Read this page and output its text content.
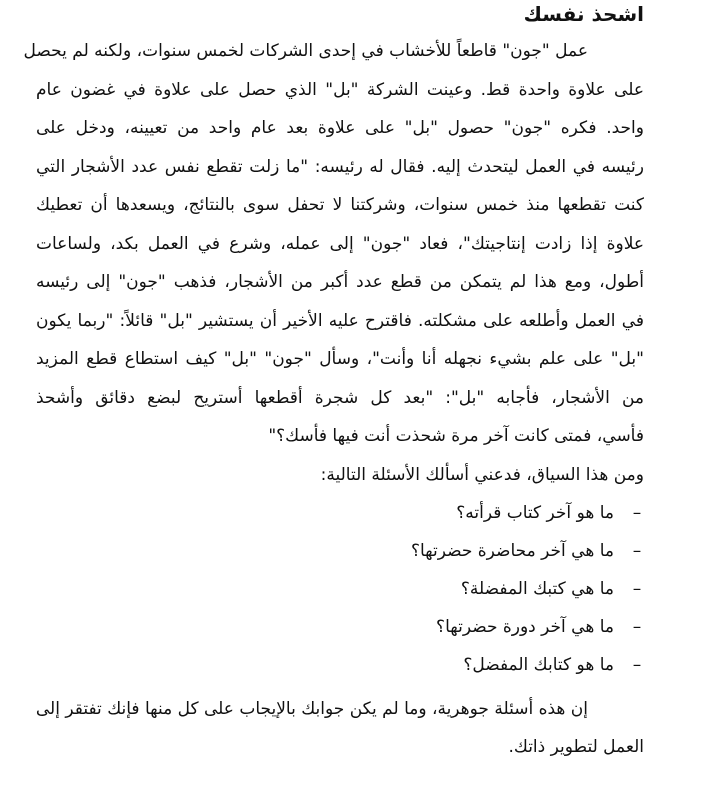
اشحذ نفسك
عمل "جون" قاطعاً للأخشاب في إحدى الشركات لخمس سنوات، ولكنه لم يحصل
على علاوة واحدة قط. وعينت الشركة "بل" الذي حصل على علاوة في غضون عام
واحد. فكره "جون" حصول "بل" على علاوة بعد عام واحد من تعيينه، ودخل على
رئيسه في العمل ليتحدث إليه. فقال له رئيسه: "ما زلت تقطع نفس عدد الأشجار التي
كنت تقطعها منذ خمس سنوات، وشركتنا لا تحفل سوى بالنتائج، ويسعدها أن تعطيك
علاوة إذا زادت إنتاجيتك"، فعاد "جون" إلى عمله، وشرع في العمل بكد، ولساعات
أطول، ومع هذا لم يتمكن من قطع عدد أكبر من الأشجار، فذهب "جون" إلى رئيسه
في العمل وأطلعه على مشكلته. فاقترح عليه الأخير أن يستشير "بل" قائلاً: "ربما يكون
"بل" على علم بشيء نجهله أنا وأنت"، وسأل "جون" "بل" كيف استطاع قطع المزيد
من الأشجار، فأجابه "بل": "بعد كل شجرة أقطعها أستريح لبضع دقائق وأشحذ
فأسي، فمتى كانت آخر مرة شحذت أنت فيها فأسك؟"
ومن هذا السياق، فدعني أسألك الأسئلة التالية:
–
ما هو آخر كتاب قرأته؟
–
ما هي آخر محاضرة حضرتها؟
–
ما هي كتبك المفضلة؟
–
ما هي آخر دورة حضرتها؟
–
ما هو كتابك المفضل؟
إن هذه أسئلة جوهرية، وما لم يكن جوابك بالإيجاب على كل منها فإنك تفتقر إلى
العمل لتطوير ذاتك.
